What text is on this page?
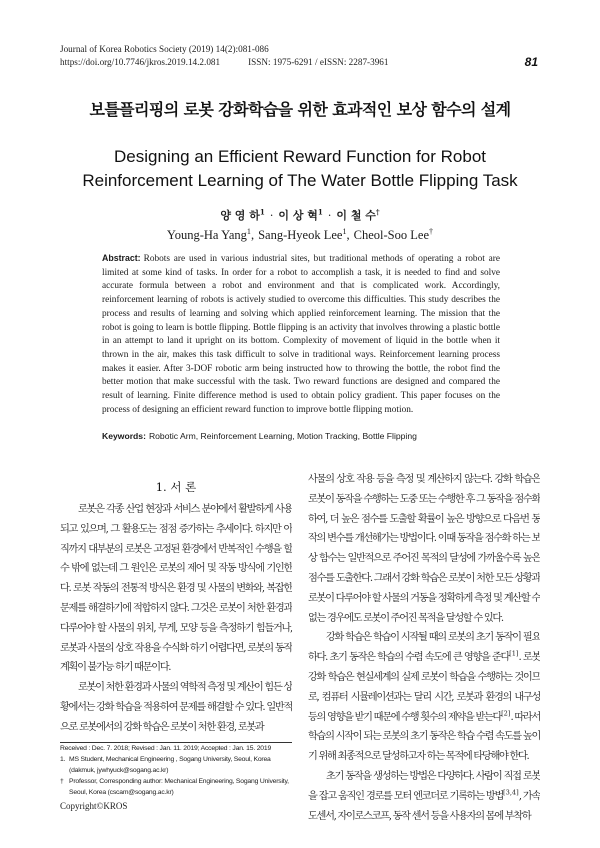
Journal of Korea Robotics Society (2019) 14(2):081-086
https://doi.org/10.7746/jkros.2019.14.2.081	ISSN: 1975-6291 / eISSN: 2287-3961	81
보틀플리핑의 로봇 강화학습을 위한 효과적인 보상 함수의 설계
Designing an Efficient Reward Function for Robot Reinforcement Learning of The Water Bottle Flipping Task
양 영 하$^1$ · 이 상 혁$^1$ · 이 철 수†
Young-Ha Yang$^1$, Sang-Hyeok Lee$^1$, Cheol-Soo Lee†

Abstract: Robots are used in various industrial sites, but traditional methods of operating a robot are limited at some kind of tasks. In order for a robot to accomplish a task, it is needed to find and solve accurate formula between a robot and environment and that is complicated work. Accordingly, reinforcement learning of robots is actively studied to overcome this difficulties. This study describes the process and results of learning and solving which applied reinforcement learning. The mission that the robot is going to learn is bottle flipping. Bottle flipping is an activity that involves throwing a plastic bottle in an attempt to land it upright on its bottom. Complexity of movement of liquid in the bottle when it thrown in the air, makes this task difficult to solve in traditional ways. Reinforcement learning process makes it easier. After 3-DOF robotic arm being instructed how to throwing the bottle, the robot find the better motion that make successful with the task. Two reward functions are designed and compared the result of learning. Finite difference method is used to obtain policy gradient. This paper focuses on the process of designing an efficient reward function to improve bottle flipping motion.

Keywords: Robotic Arm, Reinforcement Learning, Motion Tracking, Bottle Flipping
1. 서 론

로봇은 각종 산업 현장과 서비스 분야에서 활발하게 사용되고 있으며, 그 활용도는 점점 증가하는 추세이다. 하지만 아직까지 대부분의 로봇은 고정된 환경에서 반복적인 수행을 할 수 밖에 없는데 그 원인은 로봇의 제어 및 작동 방식에 기인한다. 로봇 작동의 전통적 방식은 환경 및 사물의 변화와, 복잡한 문제를 해결하기에 적합하지 않다. 그것은 로봇이 처한 환경과 다루어야 할 사물의 위치, 무게, 모양 등을 측정하기 힘들거나, 로봇과 사물의 상호 작용을 수식화 하기 어렵다면, 로봇의 동작 계획이 불가능 하기 때문이다.

로봇이 처한 환경과 사물의 역학적 측정 및 계산이 힘든 상황에서는 강화 학습을 적용하여 문제를 해결할 수 있다. 일반적으로 로봇에서의 강화 학습은 로봇이 처한 환경, 로봇과

사물의 상호 작용 등을 측정 및 계산하지 않는다. 강화 학습은 로봇이 동작을 수행하는 도중 또는 수행한 후 그 동작을 점수화 하여, 더 높은 점수를 도출할 확률이 높은 방향으로 다음번 동작의 변수를 개선해가는 방법이다. 이때 동작을 점수화 하는 보상 함수는 일반적으로 주어진 목적의 달성에 가까울수록 높은 점수를 도출한다. 그래서 강화 학습은 로봇이 처한 모든 상황과 로봇이 다루어야 할 사물의 거동을 정확하게 측정 및 계산할 수 없는 경우에도 로봇이 주어진 목적을 달성할 수 있다.

강화 학습은 학습이 시작될 때의 로봇의 초기 동작이 필요하다. 초기 동작은 학습의 수렴 속도에 큰 영향을 준다[1]. 로봇 강화 학습은 현실세계의 실제 로봇이 학습을 수행하는 것이므로, 컴퓨터 시뮬레이션과는 달리 시간, 로봇과 환경의 내구성 등의 영향을 받기 때문에 수행 횟수의 제약을 받는다[2]. 따라서 학습의 시작이 되는 로봇의 초기 동작은 학습 수렴 속도를 높이기 위해 최종적으로 달성하고자 하는 목적에 타당해야 한다.

초기 동작을 생성하는 방법은 다양하다. 사람이 직접 로봇을 잡고 움직인 경로를 모터 엔코더로 기록하는 방법[3,4], 가속도센서, 자이로스코프, 동작 센서 등을 사용자의 몸에 부착하

Received : Dec. 7. 2018; Revised : Jan. 11. 2019; Accepted : Jan. 15. 2019
1. MS Student, Mechanical Engineering , Sogang University, Seoul, Korea (dakmuk, jywhyuck@sogang.ac.kr)
† Professor, Corresponding author: Mechanical Engineering, Sogang University, Seoul, Korea (cscam@sogang.ac.kr)
Copyright©KROS
